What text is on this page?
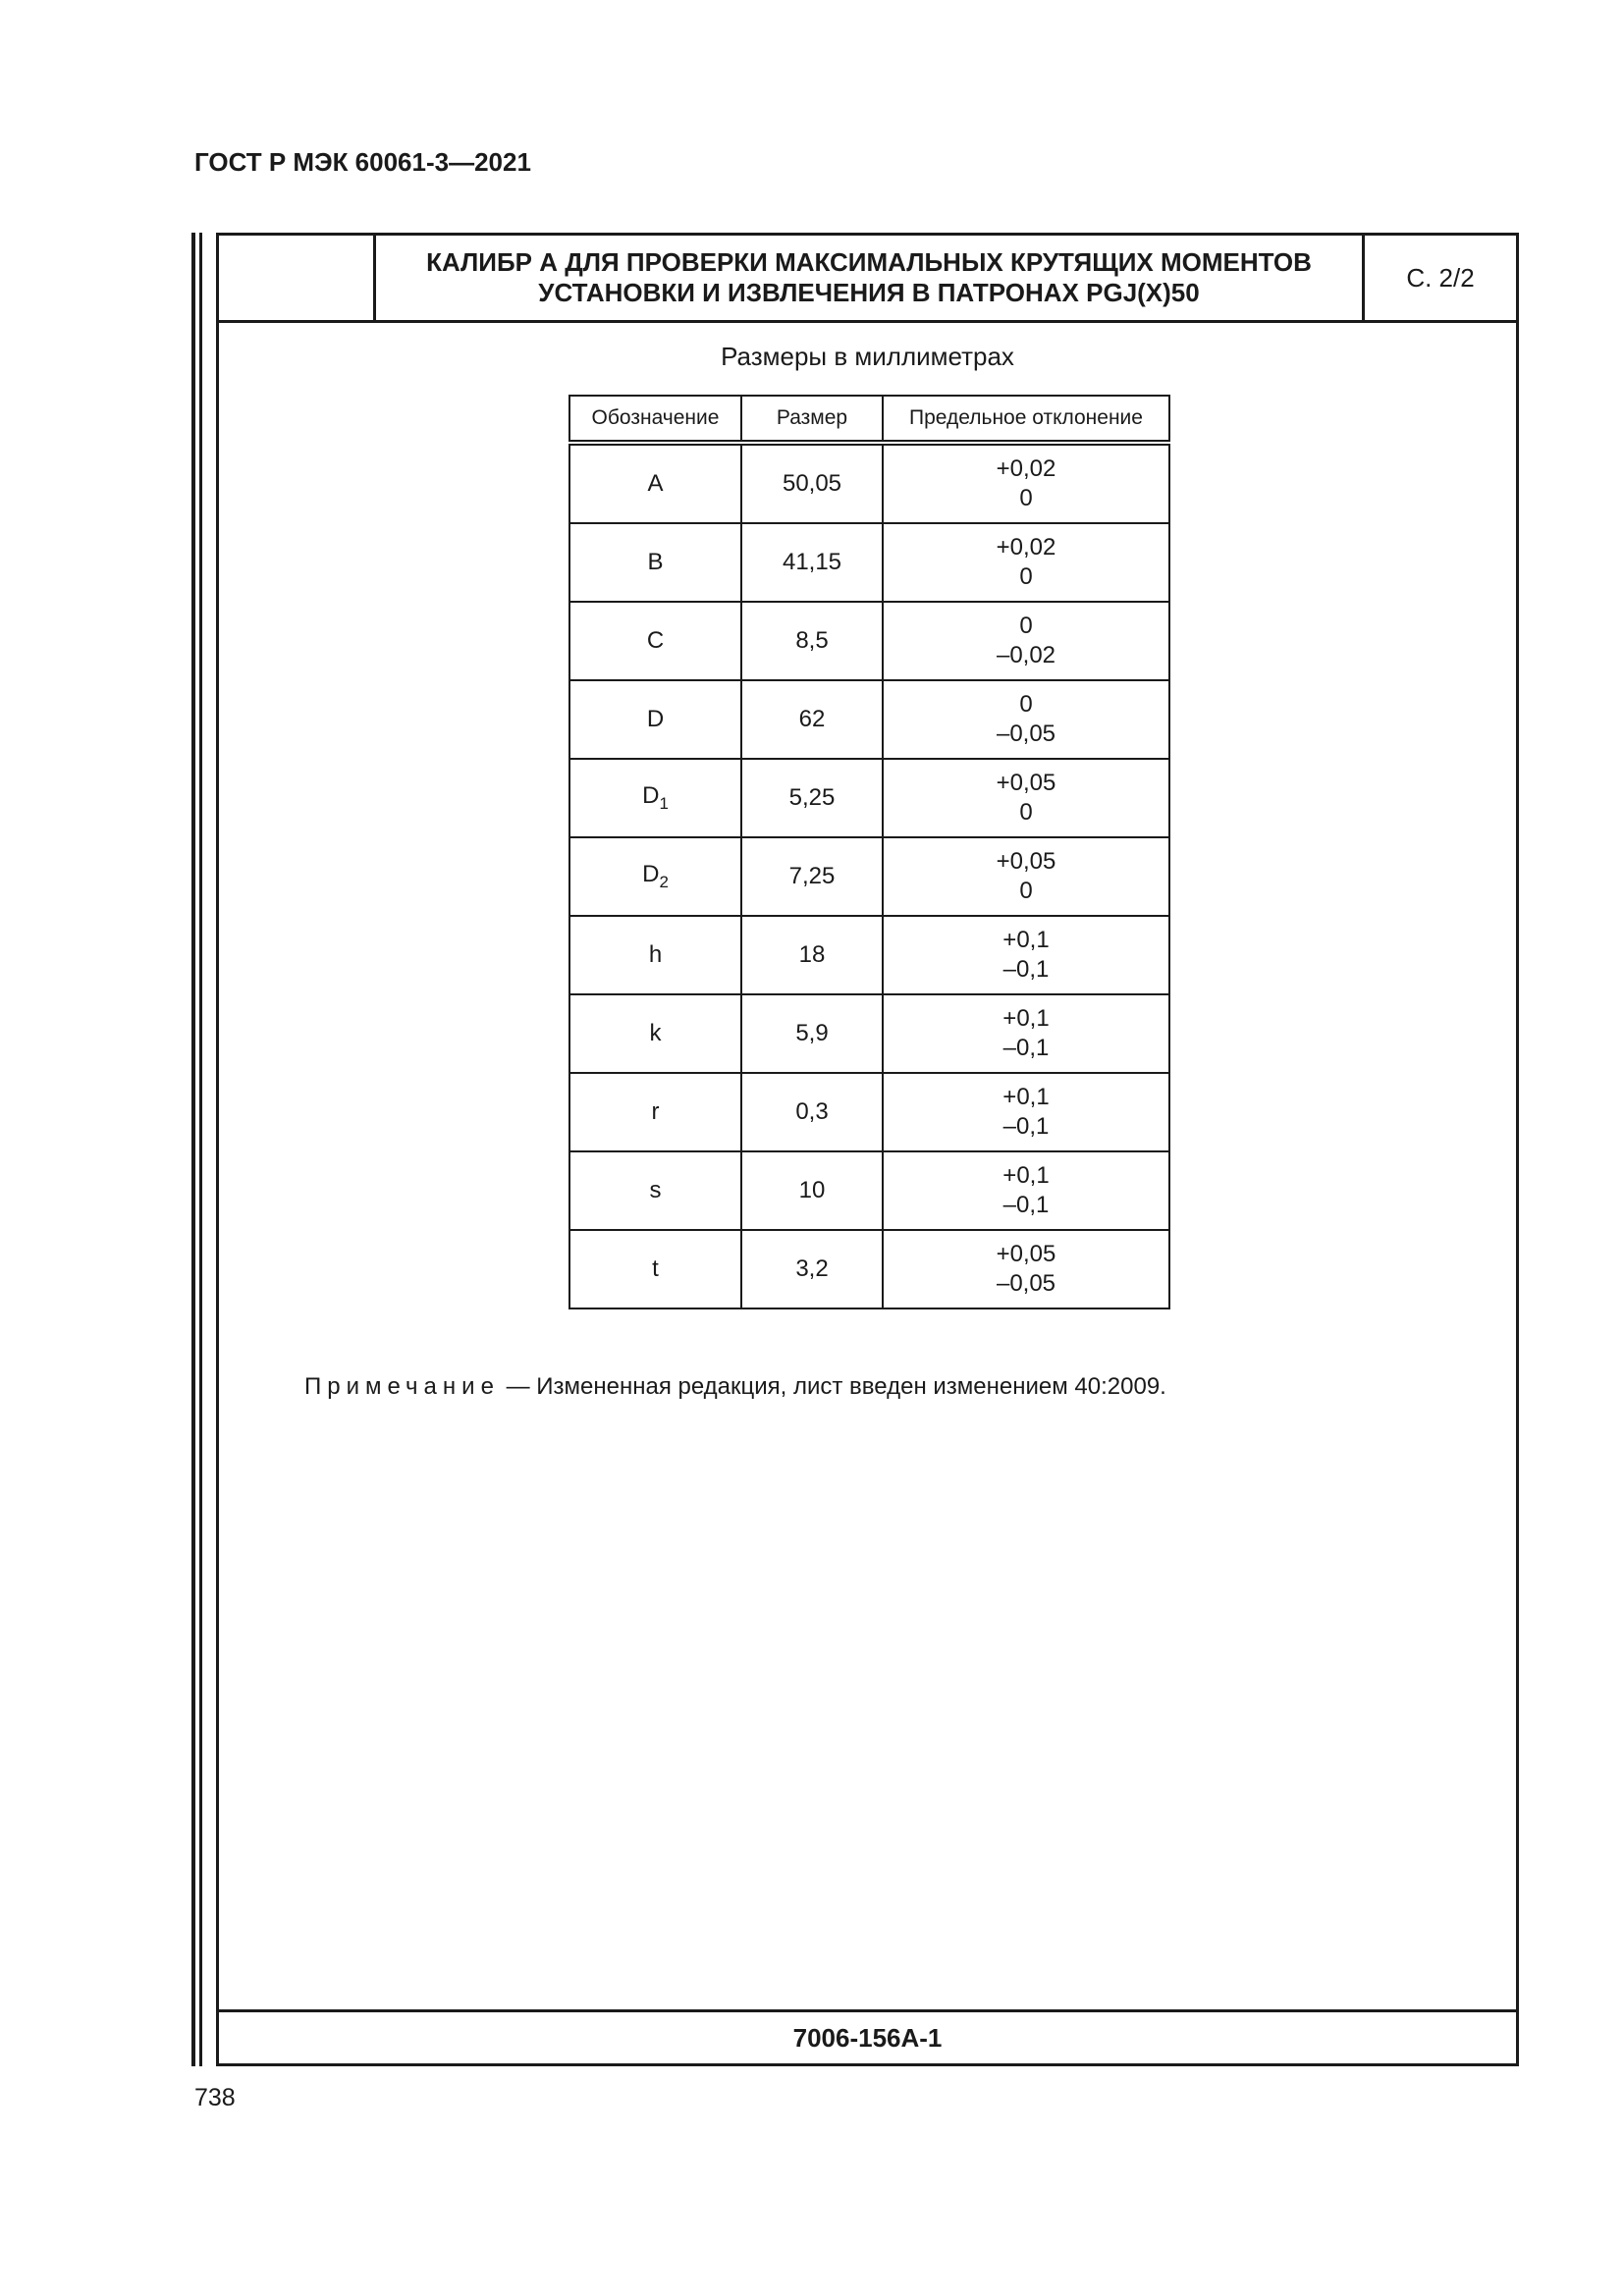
ГОСТ Р МЭК 60061-3—2021
КАЛИБР А ДЛЯ ПРОВЕРКИ МАКСИМАЛЬНЫХ КРУТЯЩИХ МОМЕНТОВ
УСТАНОВКИ И ИЗВЛЕЧЕНИЯ В ПАТРОНАХ PGJ(X)50
С. 2/2
Размеры в миллиметрах
Обозначение	Размер	Предельное отклонение
A	50,05	+0,02
0

B	41,15	+0,02
0

C	8,5	0
–0,02

D	62	0
–0,05

$D_1$	5,25	+0,05
0

$D_2$	7,25	+0,05
0

h	18	+0,1
–0,1

k	5,9	+0,1
–0,1

r	0,3	+0,1
–0,1

s	10	+0,1
–0,1

t	3,2	+0,05
–0,05
Примечание — Измененная редакция, лист введен изменением 40:2009.
7006-156A-1
738
